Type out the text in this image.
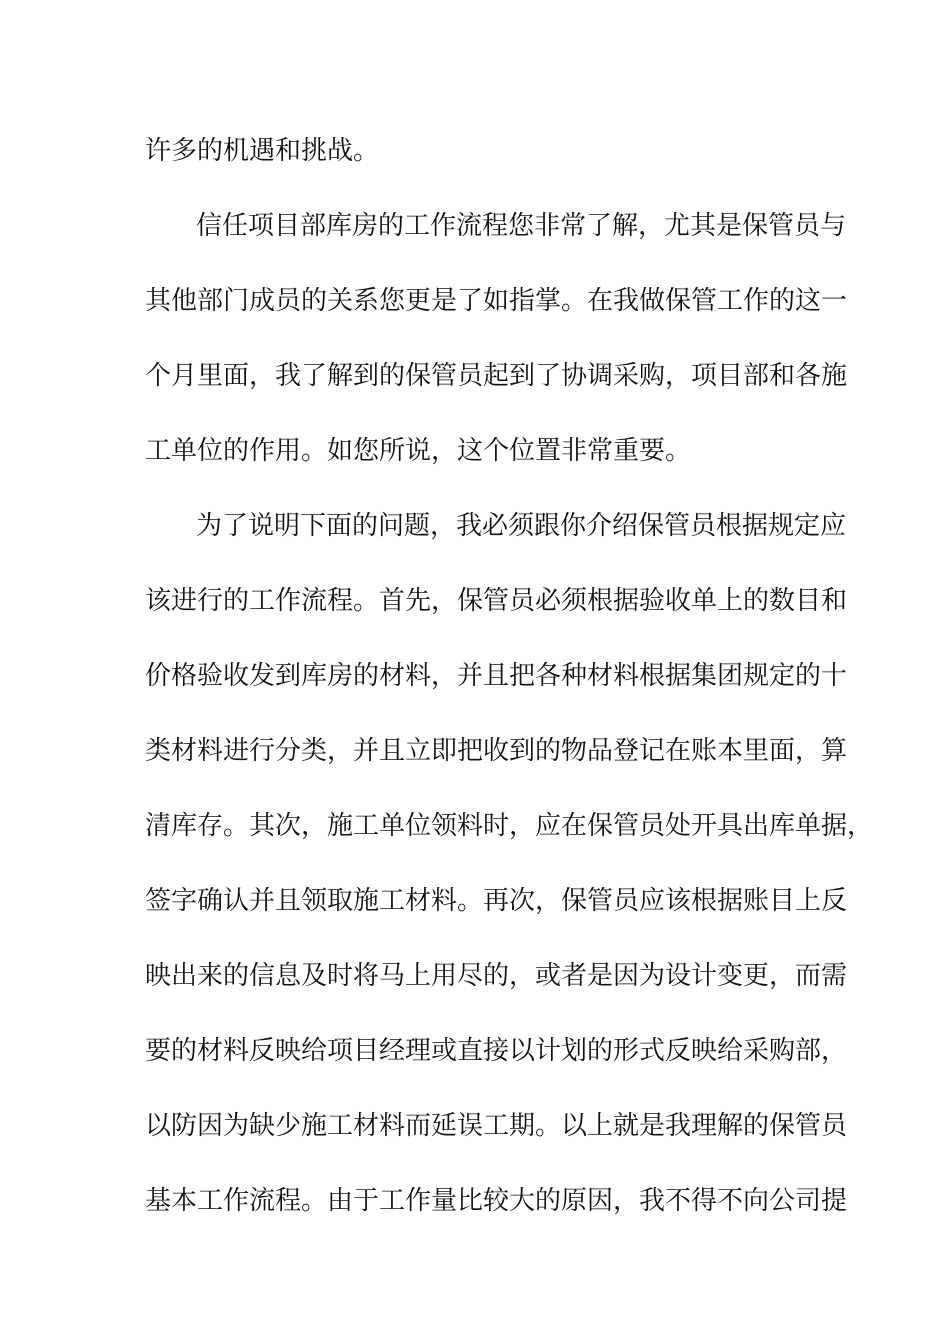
许多的机遇和挑战。
信任项目部库房的工作流程您非常了解，尤其是保管员与
其他部门成员的关系您更是了如指掌。在我做保管工作的这一
个月里面，我了解到的保管员起到了协调采购，项目部和各施
工单位的作用。如您所说，这个位置非常重要。
为了说明下面的问题，我必须跟你介绍保管员根据规定应
该进行的工作流程。首先，保管员必须根据验收单上的数目和
价格验收发到库房的材料，并且把各种材料根据集团规定的十
类材料进行分类，并且立即把收到的物品登记在账本里面，算
清库存。其次，施工单位领料时，应在保管员处开具出库单据，
签字确认并且领取施工材料。再次，保管员应该根据账目上反
映出来的信息及时将马上用尽的，或者是因为设计变更，而需
要的材料反映给项目经理或直接以计划的形式反映给采购部，
以防因为缺少施工材料而延误工期。以上就是我理解的保管员
基本工作流程。由于工作量比较大的原因，我不得不向公司提
